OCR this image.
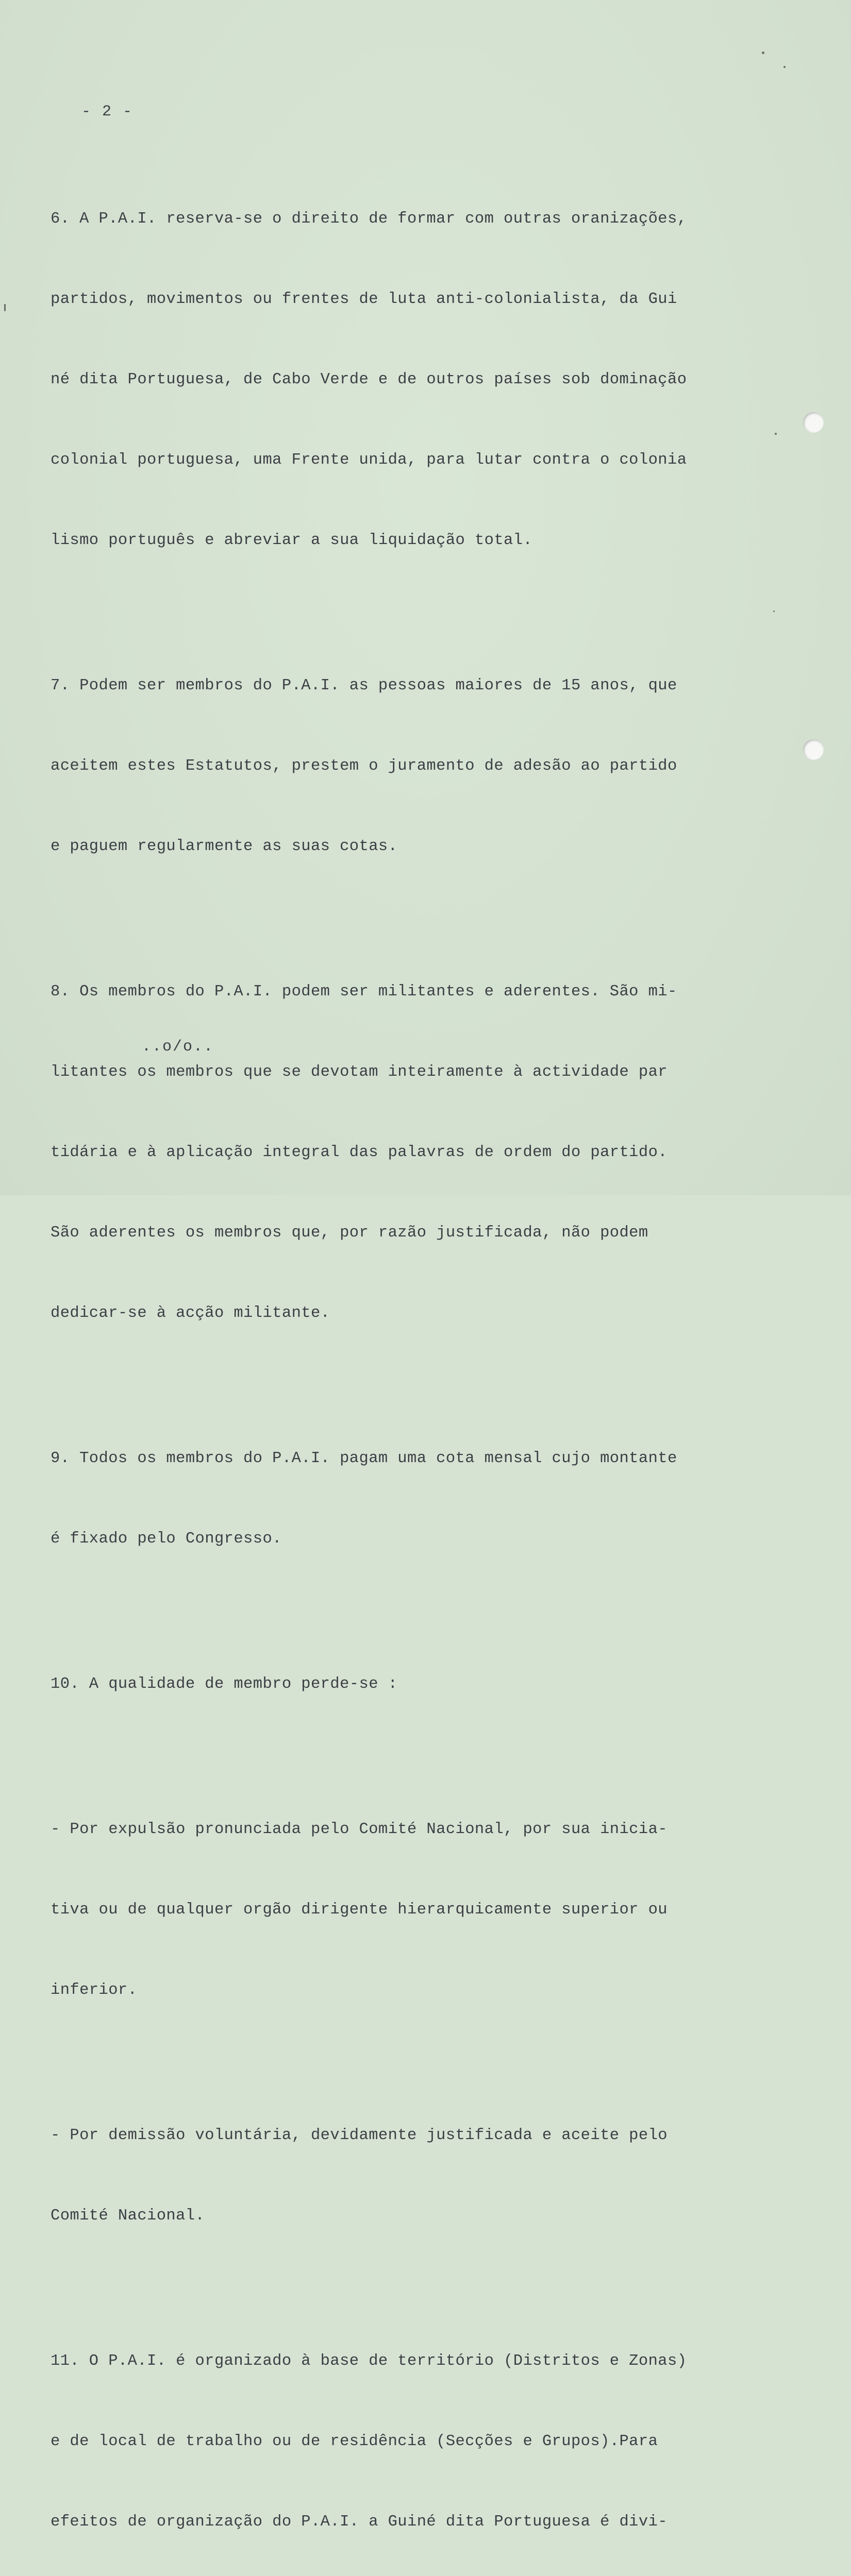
- 2 -

6. A P.A.I. reserva-se o direito de formar com outras oranizações,

partidos, movimentos ou frentes de luta anti-colonialista, da Gui

né dita Portuguesa, de Cabo Verde e de outros países sob dominação

colonial portuguesa, uma Frente unida, para lutar contra o colonia

lismo português e abreviar a sua liquidação total.

7. Podem ser membros do P.A.I. as pessoas maiores de 15 anos, que

aceitem estes Estatutos, prestem o juramento de adesão ao partido

e paguem regularmente as suas cotas.

8. Os membros do P.A.I. podem ser militantes e aderentes. São mi-

litantes os membros que se devotam inteiramente à actividade par

tidária e à aplicação integral das palavras de ordem do partido.

São aderentes os membros que, por razão justificada, não podem

dedicar-se à acção militante.

9. Todos os membros do P.A.I. pagam uma cota mensal cujo montante

é fixado pelo Congresso.

10. A qualidade de membro perde-se :

- Por expulsão pronunciada pelo Comité Nacional, por sua inicia-

tiva ou de qualquer orgão dirigente hierarquicamente superior ou

inferior.

- Por demissão voluntária, devidamente justificada e aceite pelo

Comité Nacional.

11. O P.A.I. é organizado à base de território (Distritos e Zonas)

e de local de trabalho ou de residência (Secções e Grupos).Para

efeitos de organização do P.A.I. a Guiné dita Portuguesa é divi-

..o/o..
